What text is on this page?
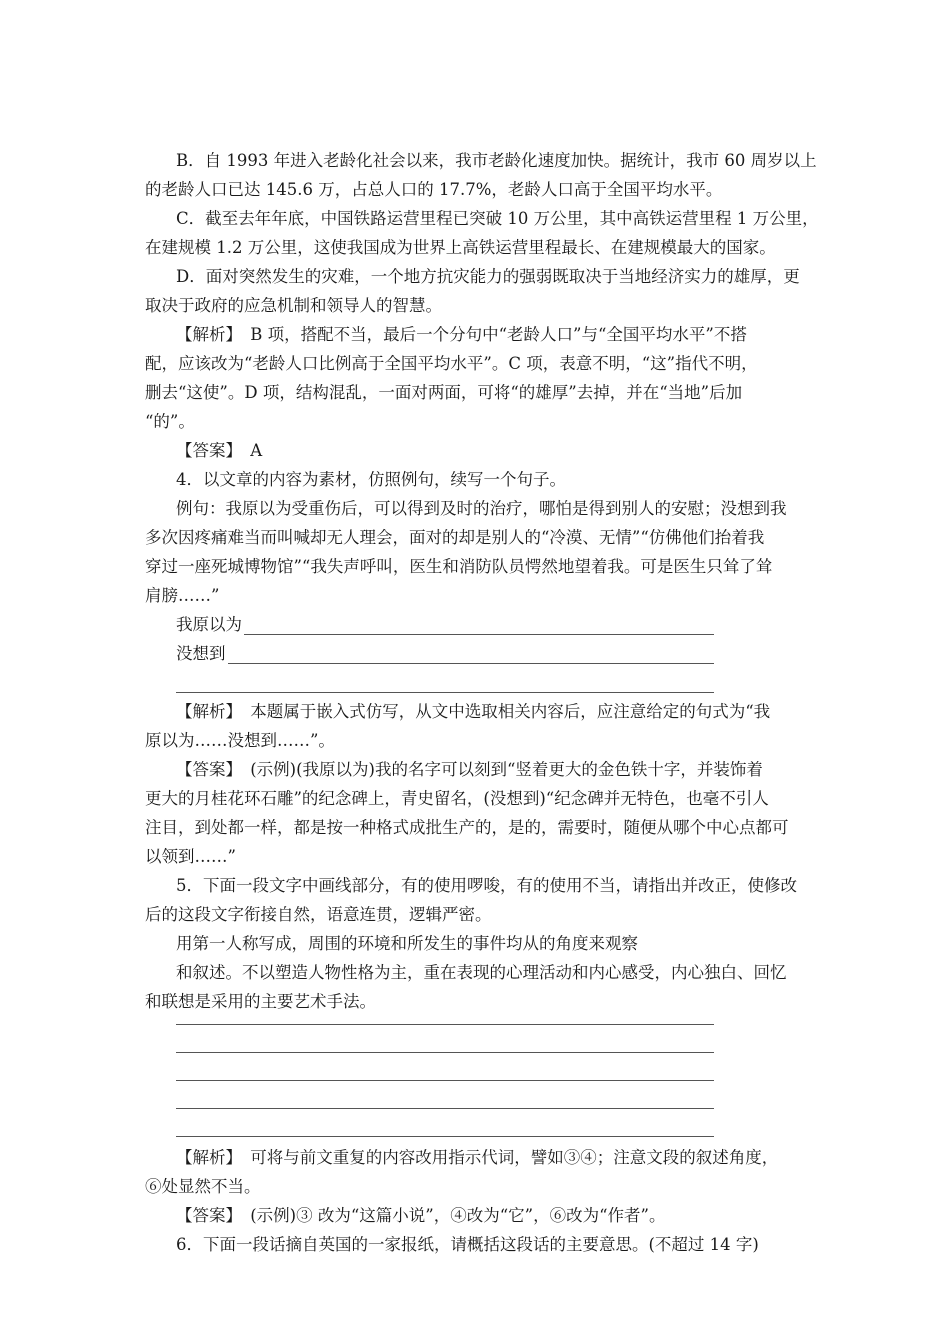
B．自 1993 年进入老龄化社会以来，我市老龄化速度加快。据统计，我市 60 周岁以上
的老龄人口已达 145.6 万，占总人口的 17.7%，老龄人口高于全国平均水平。
C．截至去年年底，中国铁路运营里程已突破 10 万公里，其中高铁运营里程 1 万公里，
在建规模 1.2 万公里，这使我国成为世界上高铁运营里程最长、在建规模最大的国家。
D．面对突然发生的灾难，一个地方抗灾能力的强弱既取决于当地经济实力的雄厚，更
取决于政府的应急机制和领导人的智慧。
【解析】　B 项，搭配不当，最后一个分句中“老龄人口”与“全国平均水平”不搭
配，应该改为“老龄人口比例高于全国平均水平”。C 项，表意不明，“这”指代不明，
删去“这使”。D 项，结构混乱，一面对两面，可将“的雄厚”去掉，并在“当地”后加
“的”。
【答案】　A
4．以文章的内容为素材，仿照例句，续写一个句子。
例句：我原以为受重伤后，可以得到及时的治疗，哪怕是得到别人的安慰；没想到我
多次因疼痛难当而叫喊却无人理会，面对的却是别人的“冷漠、无情”“仿佛他们抬着我
穿过一座死城博物馆”“我失声呼叫，医生和消防队员愕然地望着我。可是医生只耸了耸
肩膀……”
我原以为
没想到
【解析】　本题属于嵌入式仿写，从文中选取相关内容后，应注意给定的句式为“我
原以为……没想到……”。
【答案】　(示例)(我原以为)我的名字可以刻到“竖着更大的金色铁十字，并装饰着
更大的月桂花环石雕”的纪念碑上，青史留名，(没想到)“纪念碑并无特色，也毫不引人
注目，到处都一样，都是按一种格式成批生产的，是的，需要时，随便从哪个中心点都可
以领到……”
5．下面一段文字中画线部分，有的使用啰唆，有的使用不当，请指出并改正，使修改
后的这段文字衔接自然，语意连贯，逻辑严密。
用第一人称写成，周围的环境和所发生的事件均从的角度来观察
和叙述。不以塑造人物性格为主，重在表现的心理活动和内心感受，内心独白、回忆
和联想是采用的主要艺术手法。
【解析】　可将与前文重复的内容改用指示代词，譬如③④；注意文段的叙述角度，
⑥处显然不当。
【答案】　(示例)③ 改为“这篇小说”，④改为“它”，⑥改为“作者”。
6．下面一段话摘自英国的一家报纸，请概括这段话的主要意思。(不超过 14 字)
